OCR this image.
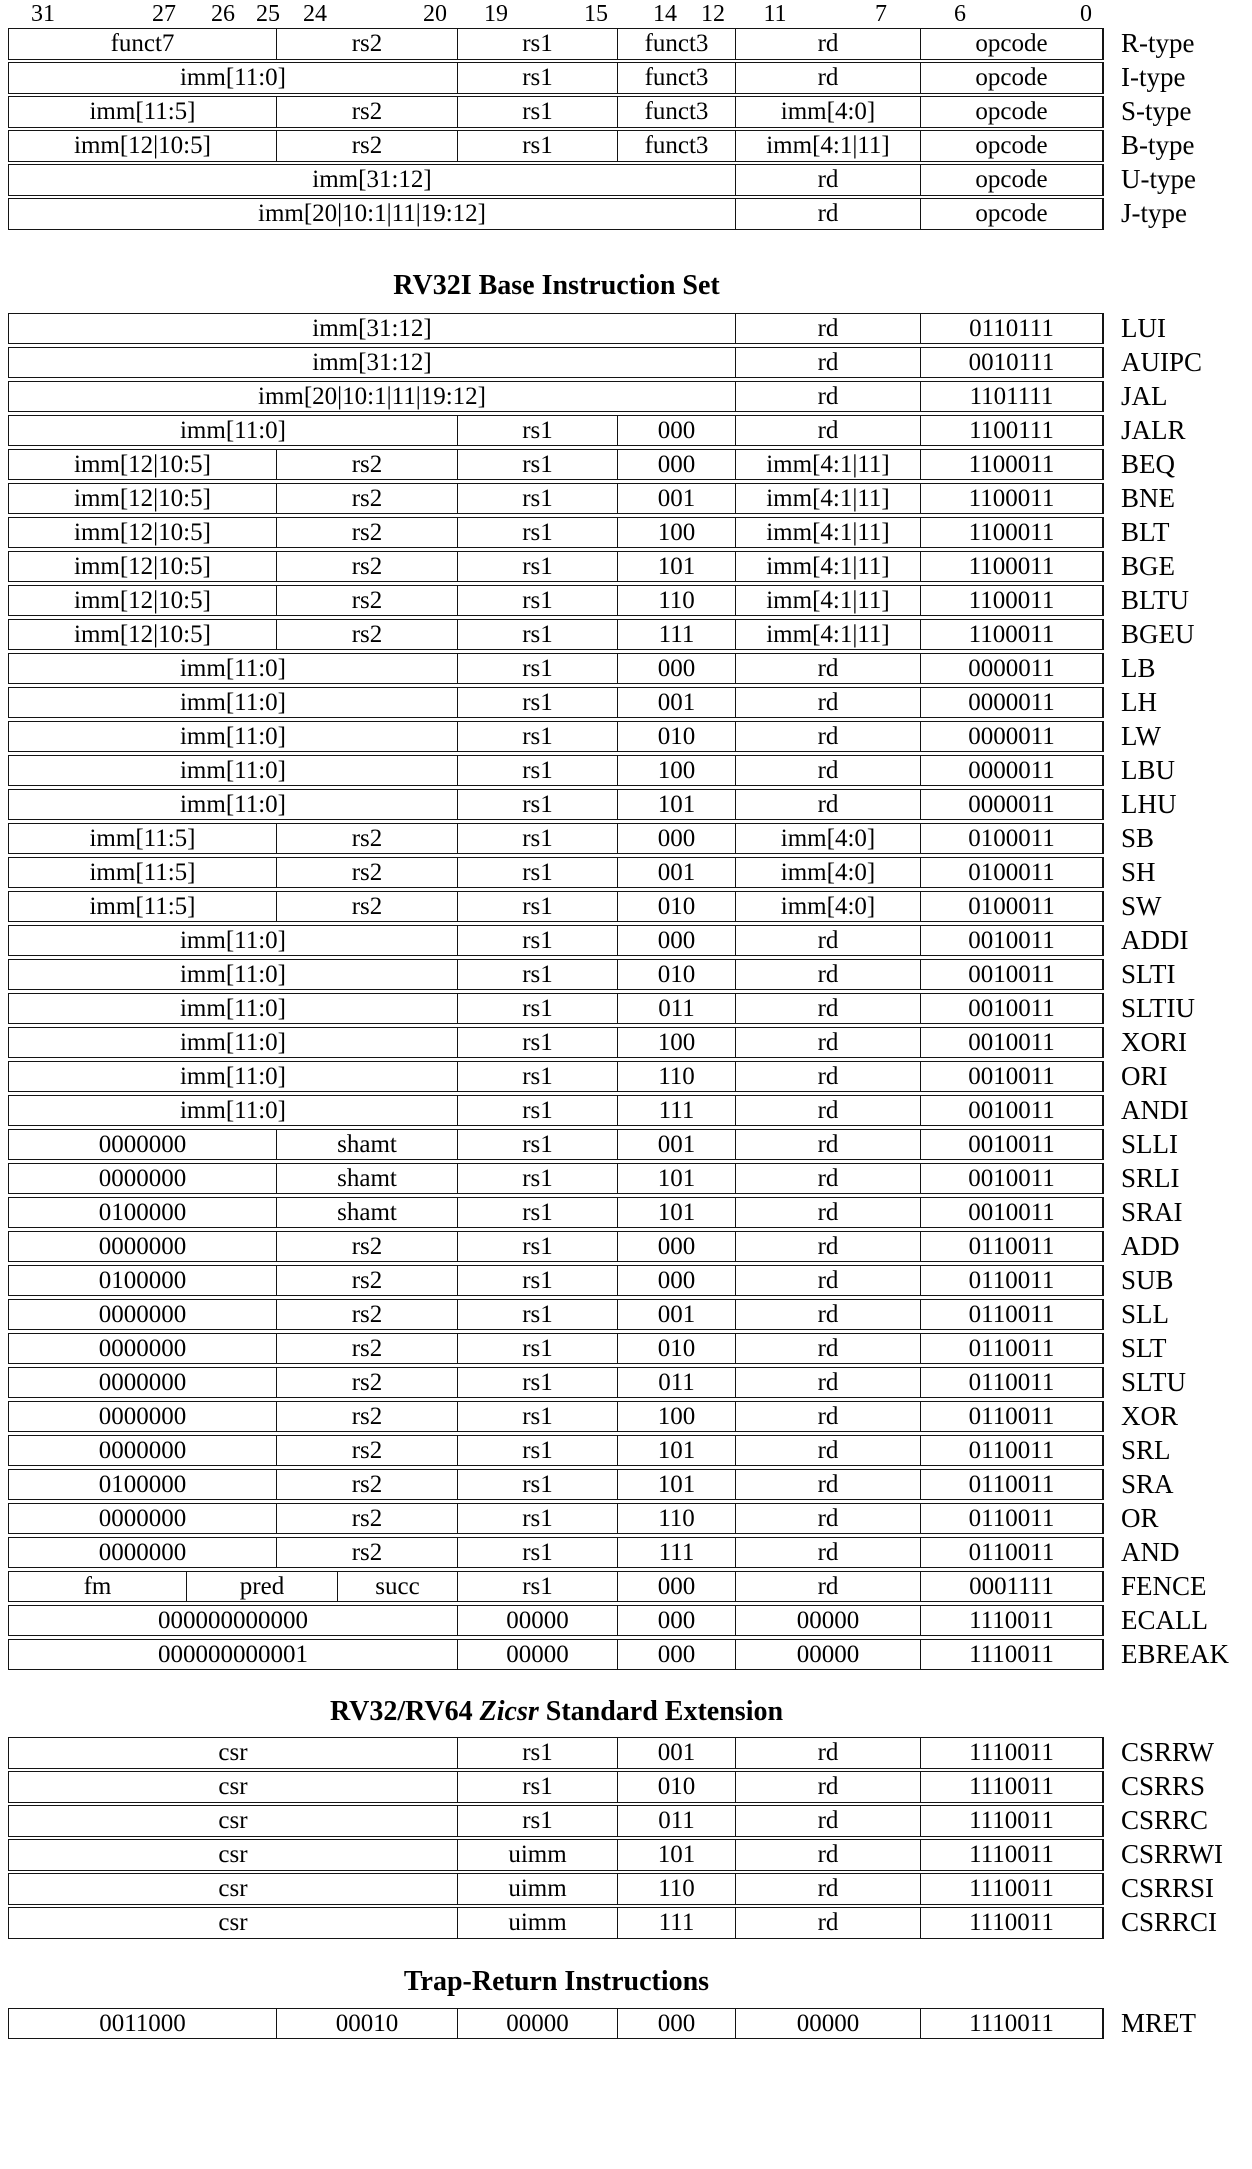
31	27 26 25 24	20 19	15 14 12 11	7	6	0
funct7	rs2	rs1	funct3	rd	opcode	R-type
imm[11:0]	rs1	funct3	rd	opcode	I-type
imm[11:5]	rs2	rs1	funct3	imm[4:0]	opcode	S-type
imm[12|10:5]	rs2	rs1	funct3	imm[4:1|11]	opcode	B-type
imm[31:12]	rd	opcode	U-type
imm[20|10:1|11|19:12]	rd	opcode	J-type
RV32I Base Instruction Set
imm[31:12]	rd	0110111	LUI
imm[31:12]	rd	0010111	AUIPC
imm[20|10:1|11|19:12]	rd	1101111	JAL
imm[11:0]	rs1	000	rd	1100111	JALR
imm[12|10:5]	rs2	rs1	000	imm[4:1|11]	1100011	BEQ
imm[12|10:5]	rs2	rs1	001	imm[4:1|11]	1100011	BNE
imm[12|10:5]	rs2	rs1	100	imm[4:1|11]	1100011	BLT
imm[12|10:5]	rs2	rs1	101	imm[4:1|11]	1100011	BGE
imm[12|10:5]	rs2	rs1	110	imm[4:1|11]	1100011	BLTU
imm[12|10:5]	rs2	rs1	111	imm[4:1|11]	1100011	BGEU
imm[11:0]	rs1	000	rd	0000011	LB
imm[11:0]	rs1	001	rd	0000011	LH
imm[11:0]	rs1	010	rd	0000011	LW
imm[11:0]	rs1	100	rd	0000011	LBU
imm[11:0]	rs1	101	rd	0000011	LHU
imm[11:5]	rs2	rs1	000	imm[4:0]	0100011	SB
imm[11:5]	rs2	rs1	001	imm[4:0]	0100011	SH
imm[11:5]	rs2	rs1	010	imm[4:0]	0100011	SW
imm[11:0]	rs1	000	rd	0010011	ADDI
imm[11:0]	rs1	010	rd	0010011	SLTI
imm[11:0]	rs1	011	rd	0010011	SLTIU
imm[11:0]	rs1	100	rd	0010011	XORI
imm[11:0]	rs1	110	rd	0010011	ORI
imm[11:0]	rs1	111	rd	0010011	ANDI
0000000	shamt	rs1	001	rd	0010011	SLLI
0000000	shamt	rs1	101	rd	0010011	SRLI
0100000	shamt	rs1	101	rd	0010011	SRAI
0000000	rs2	rs1	000	rd	0110011	ADD
0100000	rs2	rs1	000	rd	0110011	SUB
0000000	rs2	rs1	001	rd	0110011	SLL
0000000	rs2	rs1	010	rd	0110011	SLT
0000000	rs2	rs1	011	rd	0110011	SLTU
0000000	rs2	rs1	100	rd	0110011	XOR
0000000	rs2	rs1	101	rd	0110011	SRL
0100000	rs2	rs1	101	rd	0110011	SRA
0000000	rs2	rs1	110	rd	0110011	OR
0000000	rs2	rs1	111	rd	0110011	AND
fm	pred	succ	rs1	000	rd	0001111	FENCE
000000000000	00000	000	00000	1110011	ECALL
000000000001	00000	000	00000	1110011	EBREAK
RV32/RV64 Zicsr Standard Extension
csr	rs1	001	rd	1110011	CSRRW
csr	rs1	010	rd	1110011	CSRRS
csr	rs1	011	rd	1110011	CSRRC
csr	uimm	101	rd	1110011	CSRRWI
csr	uimm	110	rd	1110011	CSRRSI
csr	uimm	111	rd	1110011	CSRRCI
Trap-Return Instructions
0011000	00010	00000	000	00000	1110011	MRET
